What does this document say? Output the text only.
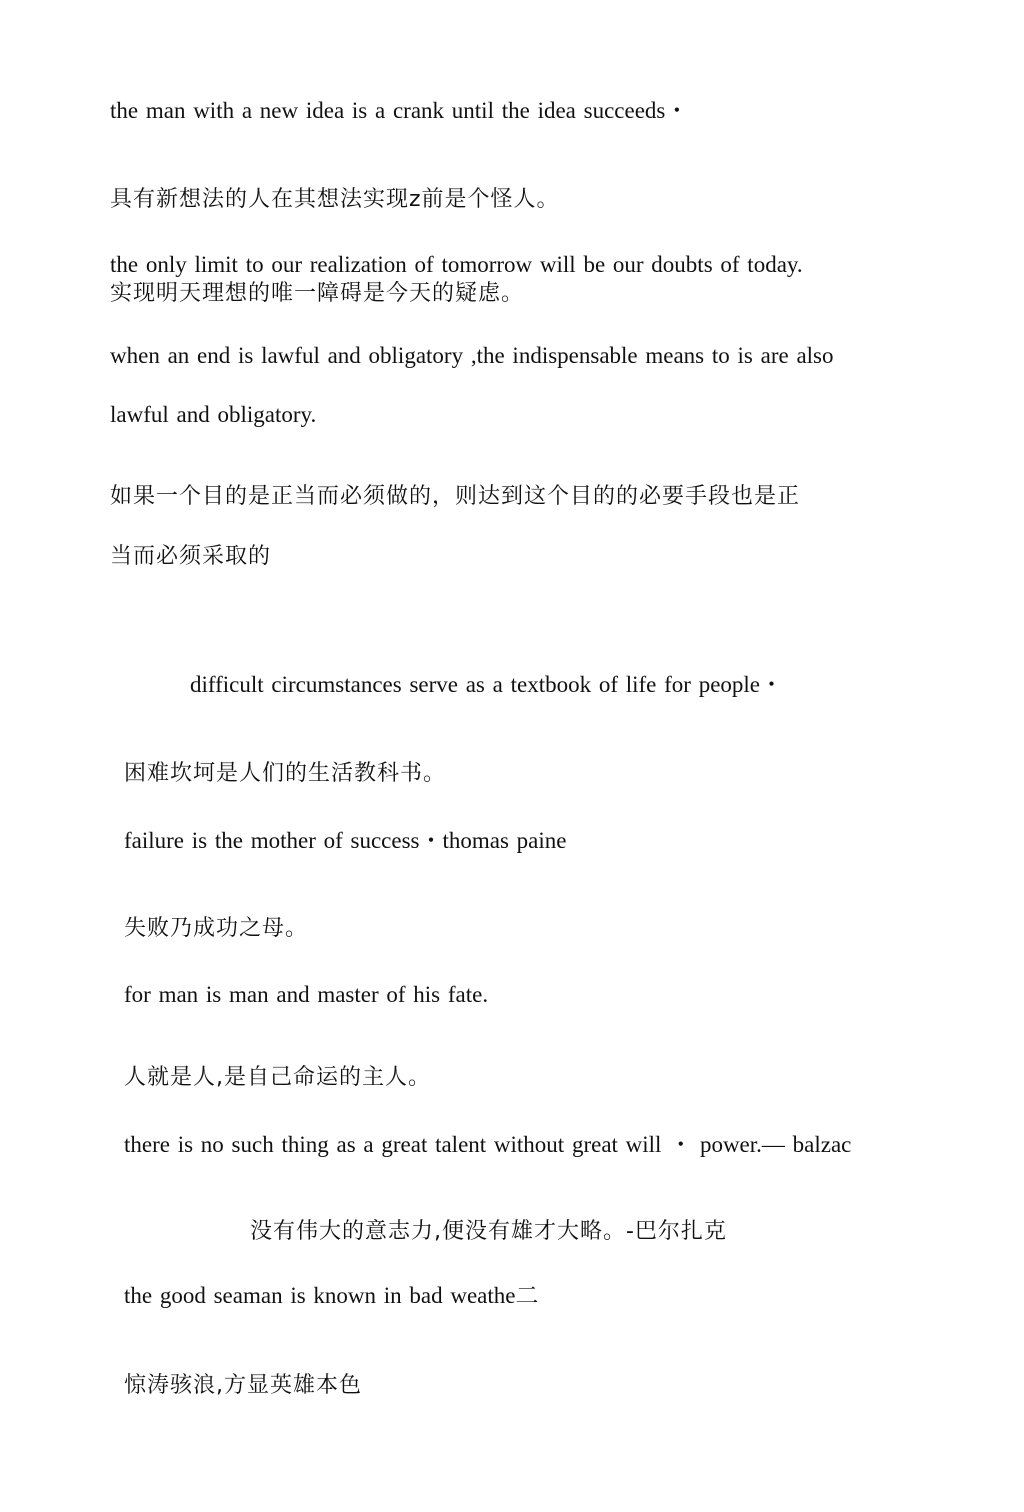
the man with a new idea is a crank until the idea succeeds・
具有新想法的人在其想法实现z前是个怪人。
the only limit to our realization of tomorrow will be our doubts of today.
实现明天理想的唯一障碍是今天的疑虑。
when an end is lawful and obligatory ,the indispensable means to is are also
lawful and obligatory.
如果一个目的是正当而必须做的，则达到这个目的的必要手段也是正
当而必须采取的
difficult circumstances serve as a textbook of life for people・
困难坎坷是人们的生活教科书。
failure is the mother of success・thomas paine
失败乃成功之母。
for man is man and master of his fate.
人就是人,是自己命运的主人。
there is no such thing as a great talent without great will ・ power.— balzac
没有伟大的意志力,便没有雄才大略。-巴尔扎克
the good seaman is known in bad weathe二
惊涛骇浪,方显英雄本色
